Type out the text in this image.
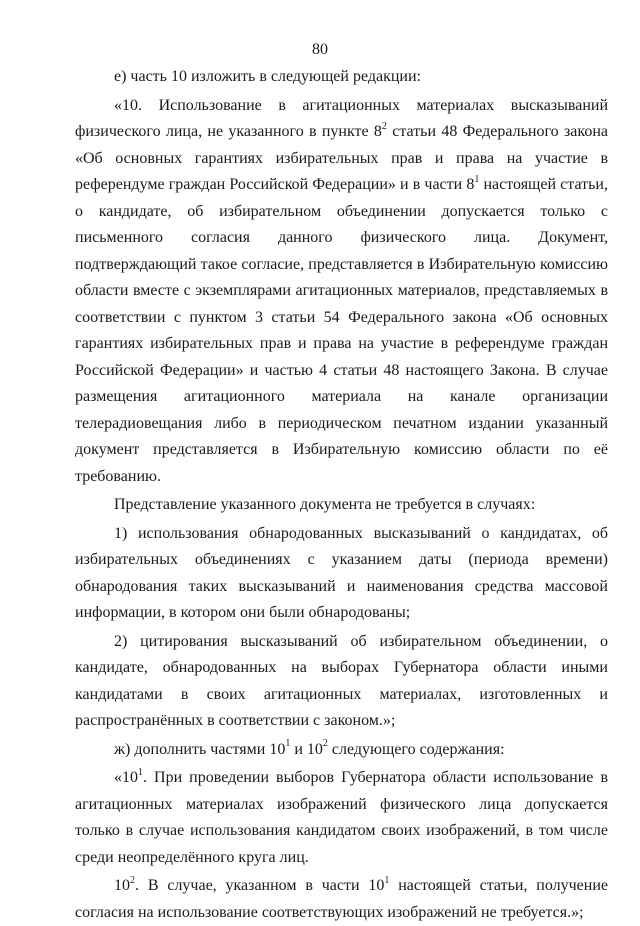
80

е) часть 10 изложить в следующей редакции:

«10. Использование в агитационных материалах высказываний физического лица, не указанного в пункте $8^2$ статьи 48 Федерального закона «Об основных гарантиях избирательных прав и права на участие в референдуме граждан Российской Федерации» и в части $8^1$ настоящей статьи, о кандидате, об избирательном объединении допускается только с письменного согласия данного физического лица. Документ, подтверждающий такое согласие, представляется в Избирательную комиссию области вместе с экземплярами агитационных материалов, представляемых в соответствии с пунктом 3 статьи 54 Федерального закона «Об основных гарантиях избирательных прав и права на участие в референдуме граждан Российской Федерации» и частью 4 статьи 48 настоящего Закона. В случае размещения агитационного материала на канале организации телерадиовещания либо в периодическом печатном издании указанный документ представляется в Избирательную комиссию области по её требованию.

Представление указанного документа не требуется в случаях:

1) использования обнародованных высказываний о кандидатах, об избирательных объединениях с указанием даты (периода времени) обнародования таких высказываний и наименования средства массовой информации, в котором они были обнародованы;

2) цитирования высказываний об избирательном объединении, о кандидате, обнародованных на выборах Губернатора области иными кандидатами в своих агитационных материалах, изготовленных и распространённых в соответствии с законом.»;

ж) дополнить частями $10^1$ и $10^2$ следующего содержания:

«$10^1$. При проведении выборов Губернатора области использование в агитационных материалах изображений физического лица допускается только в случае использования кандидатом своих изображений, в том числе среди неопределённого круга лиц.

$10^2$. В случае, указанном в части $10^1$ настоящей статьи, получение согласия на использование соответствующих изображений не требуется.»;
